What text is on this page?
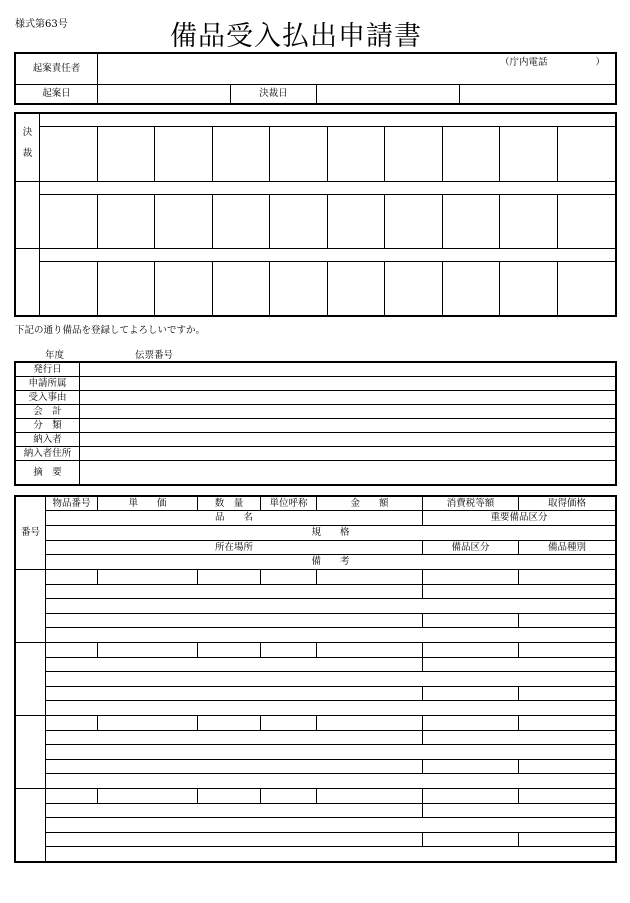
様式第63号	備品受入払出申請書
起案責任者	（庁内電話 ）			

起案日		決裁日		
決
裁										

下記の通り備品を登録してよろしいですか。
年度	伝票番号
発行日	
申請所属	
受入事由	
会　計	
分　類	
納入者	
納入者住所	
摘　要	
番号	物品番号	単　　価	数　量	単位呼称	金　　額	消費税等額	取得価格
	品　　名					重要備品区分	
	規　　格						
	所在場所					備品区分	備品種別
	備　　考						
